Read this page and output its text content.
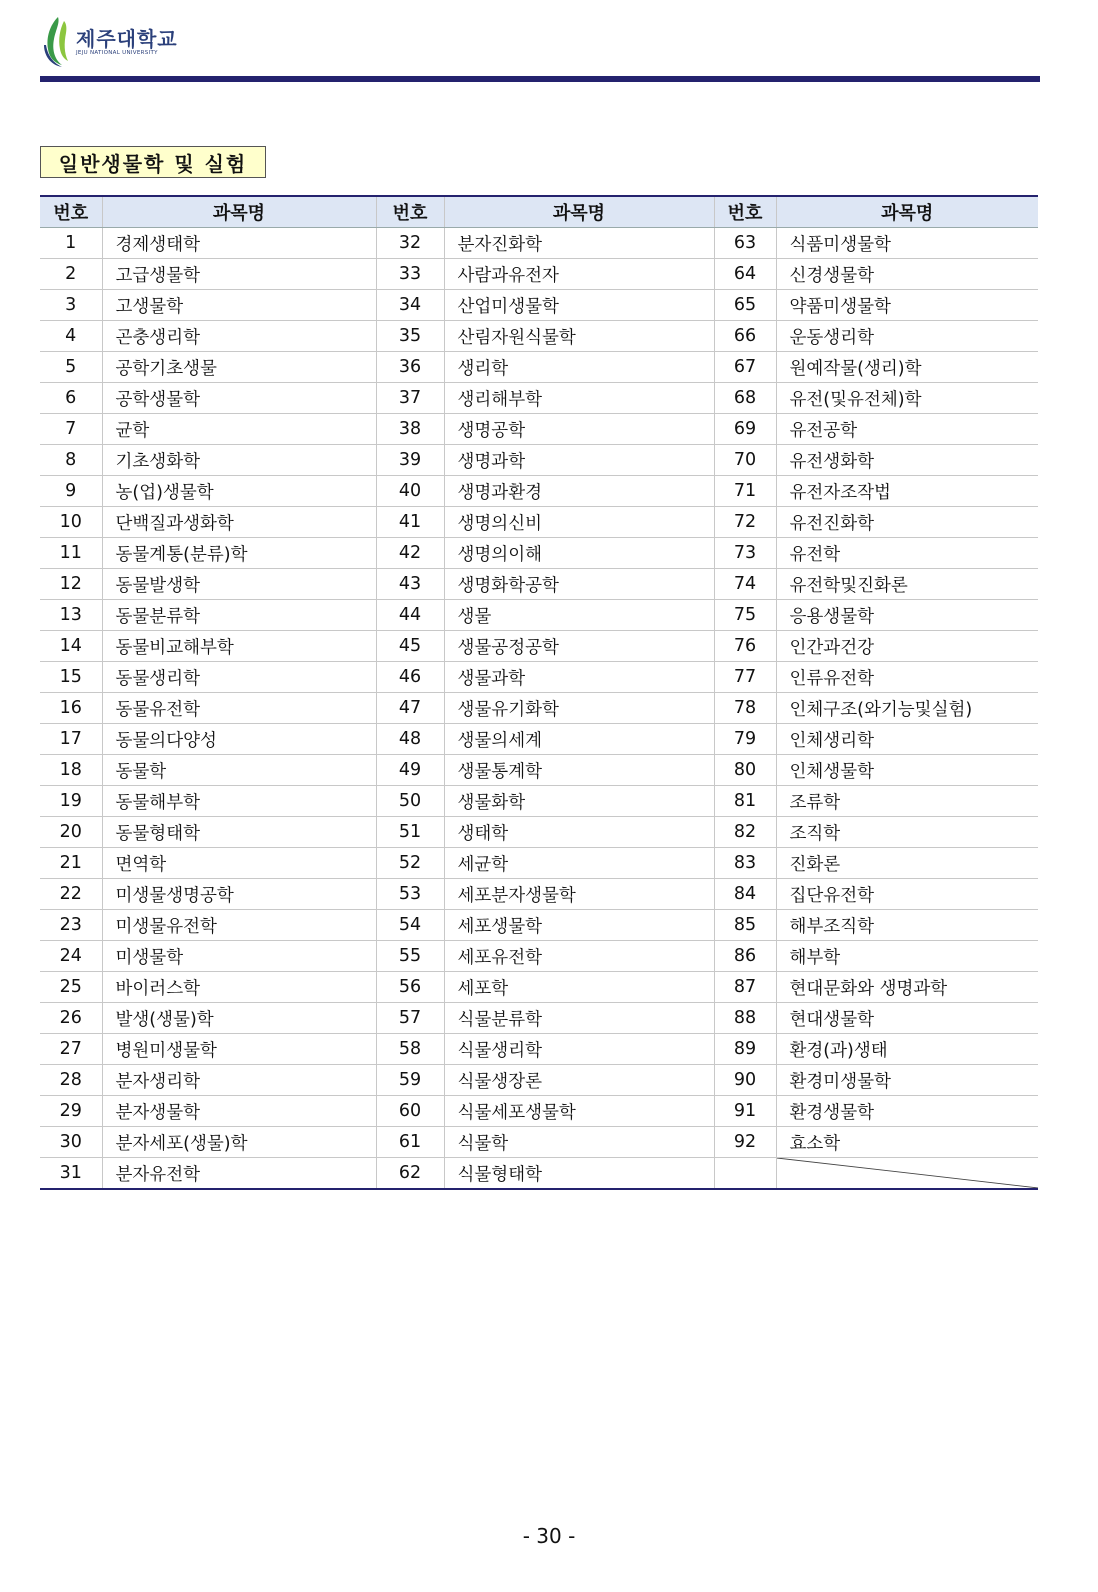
제주대학교
JEJU NATIONAL UNIVERSITY
일반생물학 및 실험
번호	과목명	번호	과목명	번호	과목명
1	경제생태학	32	분자진화학	63	식품미생물학
2	고급생물학	33	사람과유전자	64	신경생물학
3	고생물학	34	산업미생물학	65	약품미생물학
4	곤충생리학	35	산림자원식물학	66	운동생리학
5	공학기초생물	36	생리학	67	원예작물(생리)학
6	공학생물학	37	생리해부학	68	유전(및유전체)학
7	균학	38	생명공학	69	유전공학
8	기초생화학	39	생명과학	70	유전생화학
9	농(업)생물학	40	생명과환경	71	유전자조작법
10	단백질과생화학	41	생명의신비	72	유전진화학
11	동물계통(분류)학	42	생명의이해	73	유전학
12	동물발생학	43	생명화학공학	74	유전학및진화론
13	동물분류학	44	생물	75	응용생물학
14	동물비교해부학	45	생물공정공학	76	인간과건강
15	동물생리학	46	생물과학	77	인류유전학
16	동물유전학	47	생물유기화학	78	인체구조(와기능및실험)
17	동물의다양성	48	생물의세계	79	인체생리학
18	동물학	49	생물통계학	80	인체생물학
19	동물해부학	50	생물화학	81	조류학
20	동물형태학	51	생태학	82	조직학
21	면역학	52	세균학	83	진화론
22	미생물생명공학	53	세포분자생물학	84	집단유전학
23	미생물유전학	54	세포생물학	85	해부조직학
24	미생물학	55	세포유전학	86	해부학
25	바이러스학	56	세포학	87	현대문화와 생명과학
26	발생(생물)학	57	식물분류학	88	현대생물학
27	병원미생물학	58	식물생리학	89	환경(과)생태
28	분자생리학	59	식물생장론	90	환경미생물학
29	분자생물학	60	식물세포생물학	91	환경생물학
30	분자세포(생물)학	61	식물학	92	효소학
31	분자유전학	62	식물형태학		
- 30 -
